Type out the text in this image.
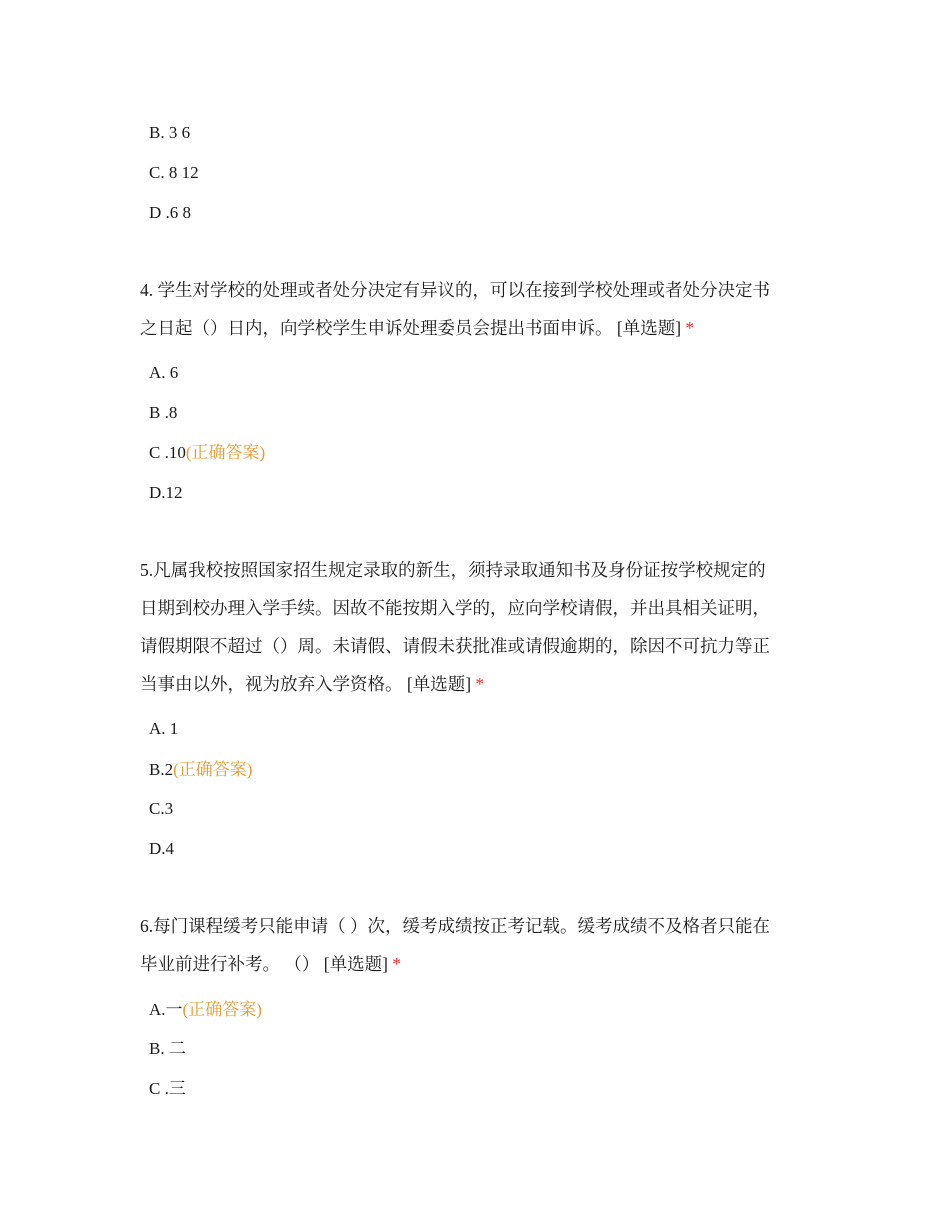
B. 3 6
C. 8 12
D .6 8
4. 学生对学校的处理或者处分决定有异议的，可以在接到学校处理或者处分决定书
之日起（）日内，向学校学生申诉处理委员会提出书面申诉。 [单选题] *
A. 6
B .8
C .10(正确答案)
D.12
5.凡属我校按照国家招生规定录取的新生，须持录取通知书及身份证按学校规定的
日期到校办理入学手续。因故不能按期入学的，应向学校请假，并出具相关证明，
请假期限不超过（）周。未请假、请假未获批准或请假逾期的，除因不可抗力等正
当事由以外，视为放弃入学资格。 [单选题] *
A. 1
B.2(正确答案)
C.3
D.4
6.每门课程缓考只能申请（ ）次，缓考成绩按正考记载。缓考成绩不及格者只能在
毕业前进行补考。 （） [单选题] *
A.一(正确答案)
B. 二
C .三
